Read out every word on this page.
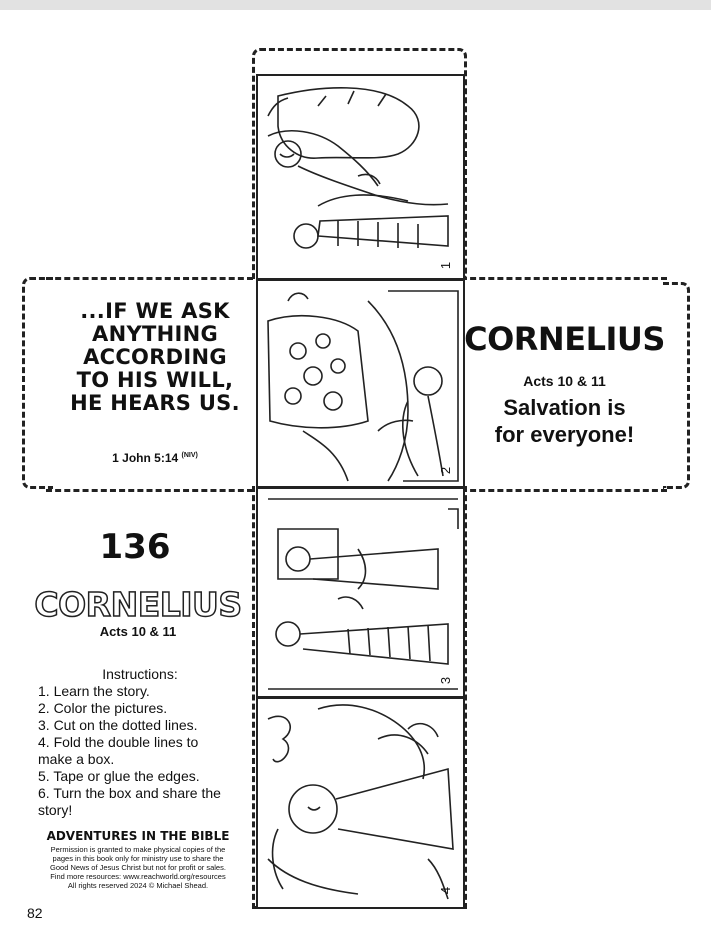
1
...IF WE ASK
ANYTHING
ACCORDING
TO HIS WILL,
HE HEARS US.
1 John 5:14 $^{(NIV)}$
2
CORNELIUS
Acts 10 & 11
Salvation is
for everyone!
3
4
136
CORNELIUS
Acts 10 & 11
Instructions:
1. Learn the story.
2. Color the pictures.
3. Cut on the dotted lines.
4. Fold the double lines to
make a box.
5. Tape or glue the edges.
6. Turn the box and share the
story!
ADVENTURES IN THE BIBLE
Permission is granted to make physical copies of the
pages in this book only for ministry use to share the
Good News of Jesus Christ but not for profit or sales.
Find more resources: www.reachworld.org/resources
All rights reserved 2024 © Michael Shead.
82
